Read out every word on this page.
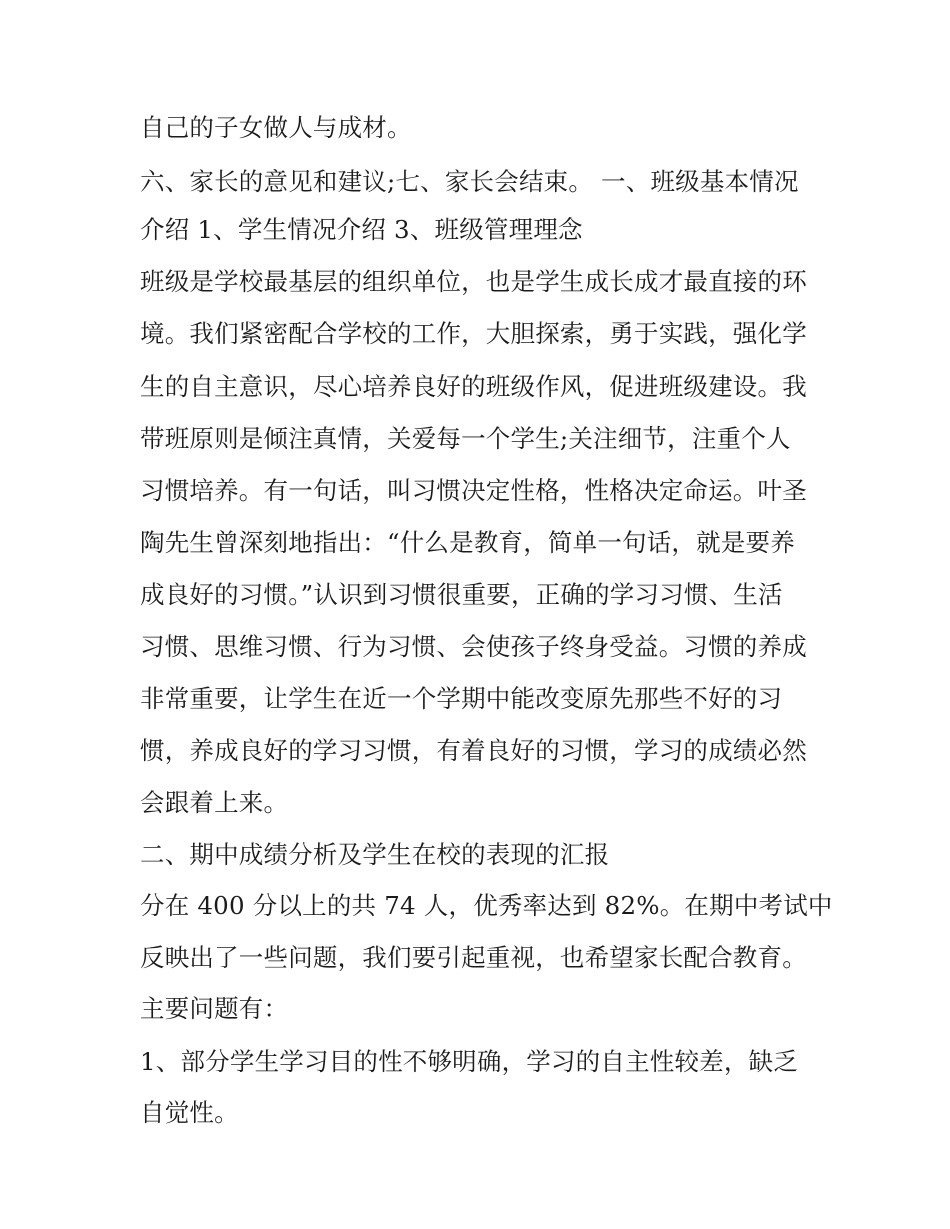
自己的子女做人与成材。

六、家长的意见和建议;七、家长会结束。 一、班级基本情况

介绍 1、学生情况介绍 3、班级管理理念

班级是学校最基层的组织单位，也是学生成长成才最直接的环

境。我们紧密配合学校的工作，大胆探索，勇于实践，强化学

生的自主意识，尽心培养良好的班级作风，促进班级建设。我

带班原则是倾注真情，关爱每一个学生;关注细节，注重个人

习惯培养。有一句话，叫习惯决定性格，性格决定命运。叶圣

陶先生曾深刻地指出：“什么是教育，简单一句话，就是要养

成良好的习惯。”认识到习惯很重要，正确的学习习惯、生活

习惯、思维习惯、行为习惯、会使孩子终身受益。习惯的养成

非常重要，让学生在近一个学期中能改变原先那些不好的习

惯，养成良好的学习习惯，有着良好的习惯，学习的成绩必然

会跟着上来。

二、期中成绩分析及学生在校的表现的汇报

分在 400 分以上的共 74 人，优秀率达到 82%。在期中考试中

反映出了一些问题，我们要引起重视，也希望家长配合教育。

主要问题有：

1、部分学生学习目的性不够明确，学习的自主性较差，缺乏

自觉性。
